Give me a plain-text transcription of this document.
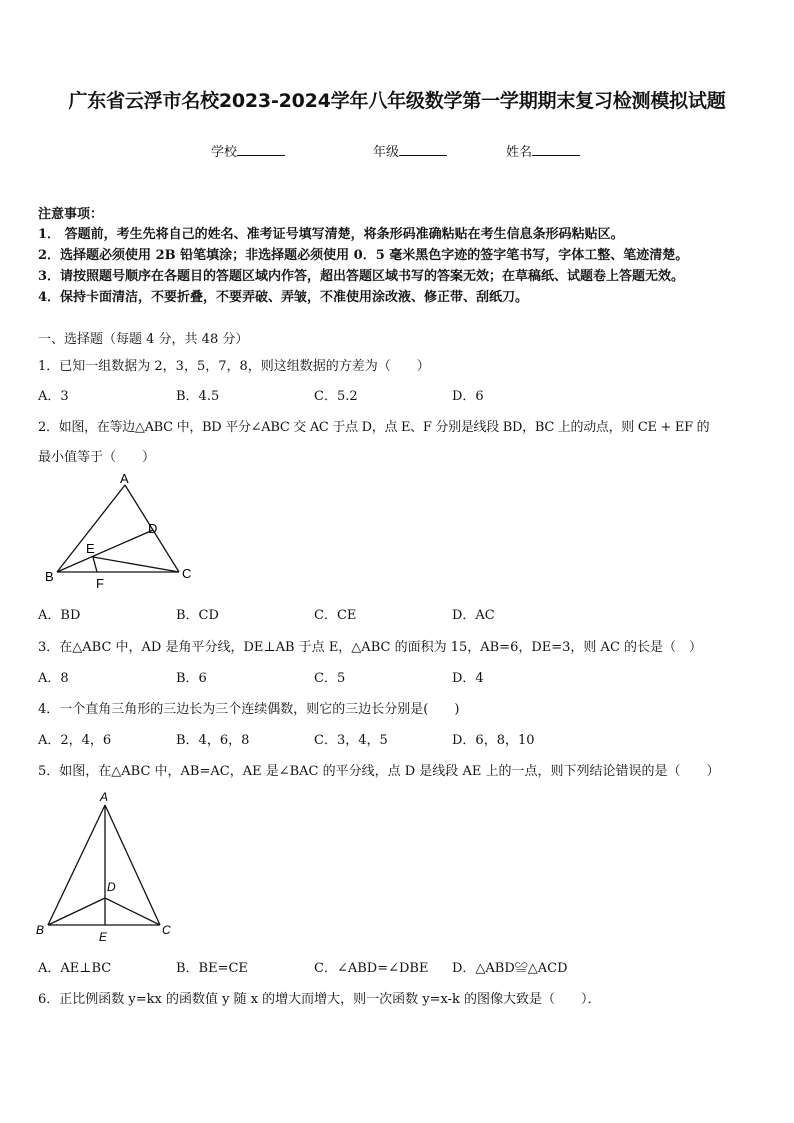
广东省云浮市名校2023-2024学年八年级数学第一学期期末复习检测模拟试题
学校	年级	姓名
注意事项：
1． 答题前，考生先将自己的姓名、准考证号填写清楚，将条形码准确粘贴在考生信息条形码粘贴区。
2．选择题必须使用 2B 铅笔填涂；非选择题必须使用 0．5 毫米黑色字迹的签字笔书写，字体工整、笔迹清楚。
3．请按照题号顺序在各题目的答题区域内作答，超出答题区域书写的答案无效；在草稿纸、试题卷上答题无效。
4．保持卡面清洁，不要折叠，不要弄破、弄皱，不准使用涂改液、修正带、刮纸刀。
一、选择题（每题 4 分，共 48 分）
1．已知一组数据为 2，3，5，7，8，则这组数据的方差为（　　）
A．3	B．4.5	C．5.2	D．6
2．如图，在等边△ABC 中，BD 平分∠ABC 交 AC 于点 D，点 E、F 分别是线段 BD，BC 上的动点，则 CE + EF 的
最小值等于（　　）
A
B	C
D
E
F
A．BD	B．CD	C．CE	D．AC
3．在△ABC 中，AD 是角平分线，DE⊥AB 于点 E，△ABC 的面积为 15，AB=6，DE=3，则 AC 的长是（　）
A．8	B．6	C．5	D．4
4．一个直角三角形的三边长为三个连续偶数，则它的三边长分别是(　　)
A．2，4，6	B．4，6，8	C．3，4，5	D．6，8，10
5．如图，在△ABC 中，AB=AC，AE 是∠BAC 的平分线，点 D 是线段 AE 上的一点，则下列结论错误的是（　　）
A
B	C
D
E
A．AE⊥BC	B．BE=CE	C．∠ABD=∠DBE D．△ABD≌△ACD
6．正比例函数 y=kx 的函数值 y 随 x 的增大而增大，则一次函数 y=x-k 的图像大致是（　　）．
